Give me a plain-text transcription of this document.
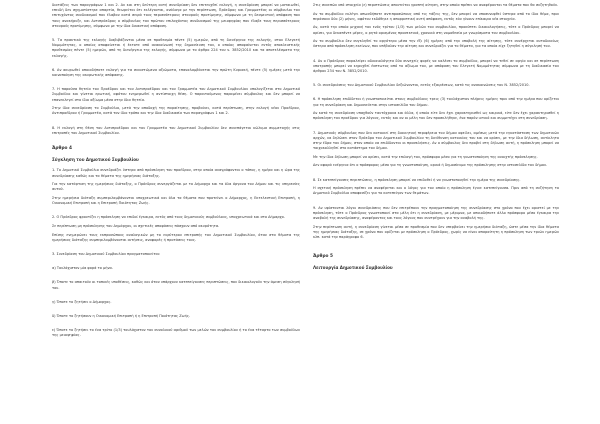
διατάξεις των παραγράφων 1 και 2. Αν και στη δεύτερη αυτή συνεδρίαση δεν επιτευχθεί εκλογή, η συνεδρίαση μπορεί να ματαιωθεί, επειδή δεν σχηματίστηκε απαρτία, θεωρείται ότι εκλέγονται, ανάλογα με την περίπτωση, Πρόεδρος και Γραμματέας οι σύμβουλοι του επιτυχόντος συνδυασμού που έλαβαν κατά σειρά τους περισσότερους σταυρούς προτίμησης, σύμφωνα με τη δεσμευτική απόφαση που τους ανακήρυξε, και Αντιπρόεδρος ο σύμβουλος του πρώτου επιλαχόντος συνδυασμού της μειοψηφίας που έλαβε τους περισσότερους σταυρούς προτίμησης, σύμφωνα με την ίδια δικαστική απόφαση.

5. Τα πρακτικά της εκλογής διαβιβάζονται μέσα σε προθεσμία πέντε (5) ημερών, από τη διενέργεια της εκλογής, στον Ελεγκτή Νομιμότητας, ο οποίος αποφαίνεται ή έκτοτε από ανακοίνωσή της δημοσίευση του, ο οποίος αποφαίνεται εντός αποκλειστικής προθεσμίας πέντε (5) ημερών, από τη διενέργεια της εκλογής, σύμφωνα με το άρθρο 224 του ν. 3852/2010 και τα αποτελέσματα της εκλογής.

6. Αν ακυρωθεί οποιαδήποτε εκλογή για τα συνιστώμενα αξιώματα, επαναλαμβάνεται την πρώτη Κυριακή, πέντε (5) ημέρες μετά την κοινοποίηση της ακυρωτικής απόφασης.

7. Η παρούσα θητεία του Προέδρου και του Αντιπροέδρου και του Γραμματέα του Δημοτικού Συμβουλίου υπολογίζεται στο Δημοτικό Συμβούλιο και γίνεται ερωτική, αφότου ενημερωθεί η αντίστοιχη θέση. Ο παραιτούμενος παραμένει σύμβουλος και δεν μπορεί να επανεκλεγεί στο ίδιο αξίωμα μέσα στην ίδια θητεία.

Στην ίδια συνεδρίαση το Συμβούλιο, μετά την αποδοχή της παραίτησης, προβαίνει, κατά περίπτωση, στην εκλογή νέου Προέδρου, Αντιπροέδρου ή Γραμματέα, κατά τον ίδιο τρόπο και την ίδια διαδικασία των παραγράφων 1 και 2.

8. Η εκλογή στη θέση του Αντιπροέδρου και του Γραμματέα του Δημοτικού Συμβουλίου δεν συνεπάγεται κώλυμα συμμετοχής στις επιτροπές του Δημοτικού Συμβουλίου.

Άρθρο 4
Σύγκληση του Δημοτικού Συμβουλίου

1. Το Δημοτικό Συμβούλιο συνεδριάζει ύστερα από πρόσκληση του προέδρου, στην οποία αναγράφονται ο τόπος, η ημέρα και η ώρα της συνεδρίασης καθώς και τα θέματα της ημερήσιας διάταξης.

Για την κατάρτιση της ημερήσιας διάταξης, ο Πρόεδρος συνεργάζεται με το Δήμαρχο και τα όλα όργανα του Δήμου και τις υπηρεσίες αυτού.

Στην ημερήσια διάταξη συμπεριλαμβάνονται υποχρεωτικά και όλα τα θέματα που προτείνει ο Δήμαρχος, η Εκτελεστική Επιτροπή, η Οικονομική Επιτροπή και η Επιτροπή Ποιότητας Ζωής.

2. Ο Πρόεδρος φροντίζει η πρόσκληση να επιδοί έγκαιρα, εκτός από τους δημοτικούς συμβούλους, υποχρεωτικά και στο Δήμαρχο.

Σε περίπτωση μη πρόσκλησης του Δημάρχου, οι σχετικές αποφάσεις πάσχουν από ακυρότητα.

Επίσης ενημερώνει τους εκπροσώπους αναλογικών μη το ευρύτερου επιτροπής του Δημοτικού Συμβουλίου, όταν στα θέματα της ημερήσιας διάταξης συμπεριλαμβάνονται αιτήσεις, αναφορές ή προτάσεις τους.

3. Συνεδρίαση του Δημοτικού Συμβουλίου πραγματοποιείται:

α) Τουλάχιστον μία φορά το μήνα.

β) Όποτε το απαιτούν οι τοπικές υποθέσεις, καθώς και όταν υπάρχουν κατεπείγουσες περιπτώσεις, που δικαιολογούν την άμεση σύγκλησή του.

γ) Όποτε το ζητήσει ο Δήμαρχος.

δ) Όποτε το ζητήσουν η Οικονομική Επιτροπή ή η Επιτροπή Ποιότητας Ζωής.

ε) Όποτε το ζητήσει το ένα τρίτο (1/3) τουλάχιστον του συνολικού αριθμού των μελών του συμβουλίου ή το ένα τέταρτο των συμβούλων της μειοψηφίας.

Στις συνεπών υπό στοιχεία (ε) περιπτώσεις απαιτείται γραπτή αίτηση, στην οποία πρέπει να αναφέρονται τα θέματα που θα συζητηθούν.

Αν το συμβούλιο εκλέγει οπωσδήποτε αντιπροσώπους από τις τάξεις της, δεν μπορεί να υποσυνυφθεί ύστερα από το ίδιο θέμα, πριν περάσουν δύο (2) μήνες, αφότου εκδόθηκε η απορριπτική αυτή απόφαση, εκτός εάν γίνουν επίκαιρα νέα στοιχεία.

Αν, κατά την οποία μηχανή του ενός τρίτου (1/3) των μελών του συμβουλίου, προκύπτει δικαιολογήσεις, τότε ο Πρόεδρος μπορεί να ορίσει, για δεκαπέντε μέρες, ο ρητά ορισμένος προσεκτικά, χρονικά στη νομοθεσία με γνωρίσματα του συμβουλίου.

Αν το συμβούλιο δεν συγκληθεί το αργότερο μέσα την έξι (6) ημέρες από την υποβολή της αίτησης, τότε συνέρχεται αυτοδικαίως ύστερα από πρόσκληση εκείνων, που υπέβαλαν την αίτηση και συνεδριάζει για το θέματα, για τα οποία είχε ζητηθεί η σύγκλησή του.

4. Αν ο Πρόεδρος παραλείψει αδικαιολόγητα δύο συνεχείς φορές να καλέσει το συμβούλιο, μπορεί να τεθεί σε αργία και σε περίπτωση υποτροπής μπορεί να κηρυχθεί έκπτωτος από το αξίωμα του, με απόφαση του Ελεγκτή Νομιμότητας σύμφωνα με τη διαδικασία του άρθρου 234 του Ν. 3852/2010.

5. Οι συνεδριάσεις του Δημοτικού Συμβουλίου δεξιώνονται, εκτός εξαιρέσεων, κατά τις ανακοινώσεις του Ν. 3852/2010.

6. Η πρόσκληση επιδίδεται ή γνωστοποιείται στους συμβούλους τρεις (3) τουλάχιστον πλήρεις ημέρες πριν από την ημέρα που ορίζεται για τη συνεδρίαση και δημοσιεύεται στην ιστοσελίδα του δήμου.

Αν κατά τη συνεδρίαση υπαχθούν ταυτόχρονα και άλλα, ή οποίο είτε δεν έχει χαρακτηρισθεί ως καιρικά, είτε δεν έχει χαρακτηρισθεί η πρόσκληση του προέδρου για λόγους, εκτός και αν οι μέλη του δεν προσκλήθηκε, ένα παρόν ιντικό και συμμετέχει στη συνεδρίαση.

7. Δημοτικός σύμβουλος που δεν κατοικεί στη διοικητική περιφέρεια του δήμου οφείλει, αμέσως μετά την εγκατάσταση των δημοτικών αρχών, να δηλώσει στον Πρόεδρο του Δημοτικού Συμβουλίου τη διεύθυνση κατοικίας του και να ορίσει, με την ίδια δήλωση, αντίκλητο στην έδρα του δήμου, στον οποίο να επιδίδονται οι προσκλήσεις. Αν ο σύμβουλος δεν προβεί στη δήλωση αυτή, η πρόσκληση μπορεί να τοιχοκολληθεί στο κατάστημα του δήμου.

Με την ίδια δήλωση μπορεί να ορίσει, κατά την επιλογή του, πρόσφορο μέσο για τη γνωστοποίηση της ανοιχτής πρόσκλησης.

Δεν αφορά ενέργεια ότι ο πρόσφορος μέσο για τη γνωστοποίηση, ορικά ή δημοσίευμα της πρόσκλησης στην ιστοσελίδα του δήμου.

8. Σε κατεπείγουσες περιπτώσεις, η πρόσκληση μπορεί να επιδοθεί ή να γνωστοποιηθεί την ημέρα της συνεδρίασης.

Η σχετική πρόσκληση πρέπει να αναφέρεται και ο λόγος για τον οποίο η πρόσκληση έγινε κατεπείγουσα. Πριν από τη συζήτηση το Δημοτικό Συμβούλιο αποφασίζει για το κατεπείγον των θεμάτων.

9. Αν υφίστανται λόγοι συνεδριάσεις που δεν επιτρέπουν την πραγματοποίηση της συνεδρίασης στο χρόνο που έχει οριστεί με την πρόσκληση, τότε ο Πρόεδρος γνωστοποιεί στα μέλη ότι η συνεδρίαση, με μέριμνα, με οποιοδήποτε άλλο πρόσφορο μέσο έγκαιρα την αναβολή της συνεδρίασης, αναφέροντας και τους λόγους που συντρέχουν για την αναβολή της.

Στην περίπτωση αυτή, η συνεδρίαση γίνεται μέσα σε προθεσμία που δεν υπερβαίνει την ημερήσια διάταξη, ώστε μέσα την ίδια θέματα της ημερήσιας διάταξης, σε χρόνο που ορίζεται με πρόσκληση ο Πρόεδρος, χωρίς να είναι απαραίτητη η πρόσκληση των τριών ημερών κλπ. κατά την παράγραφο 6.

Άρθρο 5
Λειτουργία Δημοτικού Συμβουλίου
